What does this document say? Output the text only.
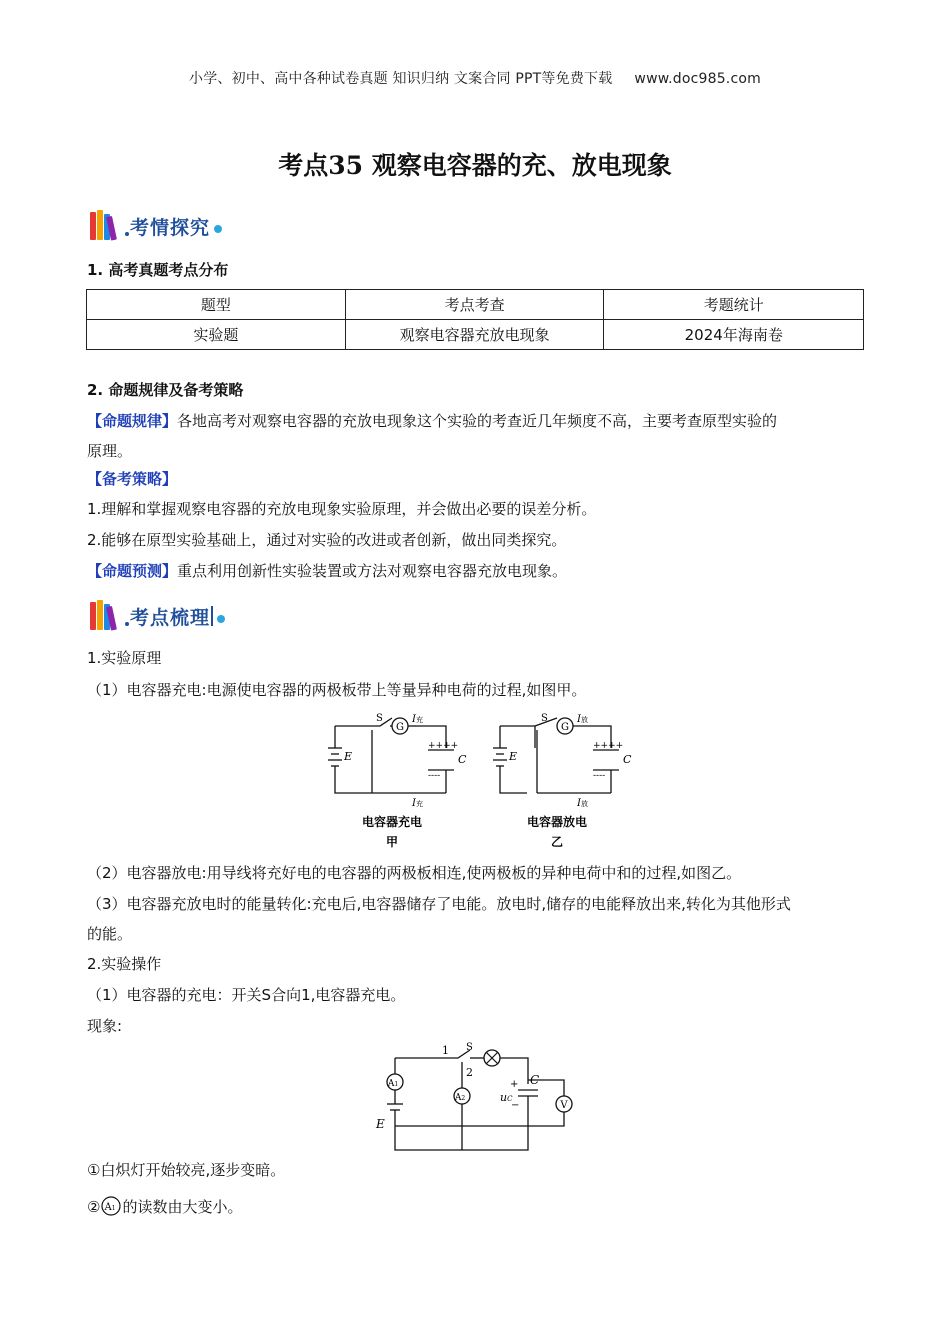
小学、初中、高中各种试卷真题 知识归纳 文案合同 PPT等免费下载 www.doc985.com
考点35 观察电容器的充、放电现象
考情探究
1. 高考真题考点分布
题型	考点考查	考题统计
实验题	观察电容器充放电现象	2024年海南卷
2. 命题规律及备考策略
【命题规律】各地高考对观察电容器的充放电现象这个实验的考查近几年频度不高，主要考查原型实验的
原理。
【备考策略】
1.理解和掌握观察电容器的充放电现象实验原理，并会做出必要的误差分析。
2.能够在原型实验基础上，通过对实验的改进或者创新，做出同类探究。
【命题预测】重点利用创新性实验装置或方法对观察电容器充放电现象。
考点梳理
1.实验原理
（1）电容器充电:电源使电容器的两极板带上等量异种电荷的过程,如图甲。
G
S
E	C
++++
----
I充
I充
电容器充电
甲
G
S
E	C
++++
----
I放
I放
电容器放电
乙
（2）电容器放电:用导线将充好电的电容器的两极板相连,使两极板的异种电荷中和的过程,如图乙。
（3）电容器充放电时的能量转化:充电后,电容器储存了电能。放电时,储存的电能释放出来,转化为其他形式
的能。
2.实验操作
（1）电容器的充电：开关S合向1,电容器充电。
现象:
A1
A2
V
1 S
2
E
C
+
−
uC
①白炽灯开始较亮,逐步变暗。
② A1 的读数由大变小。
